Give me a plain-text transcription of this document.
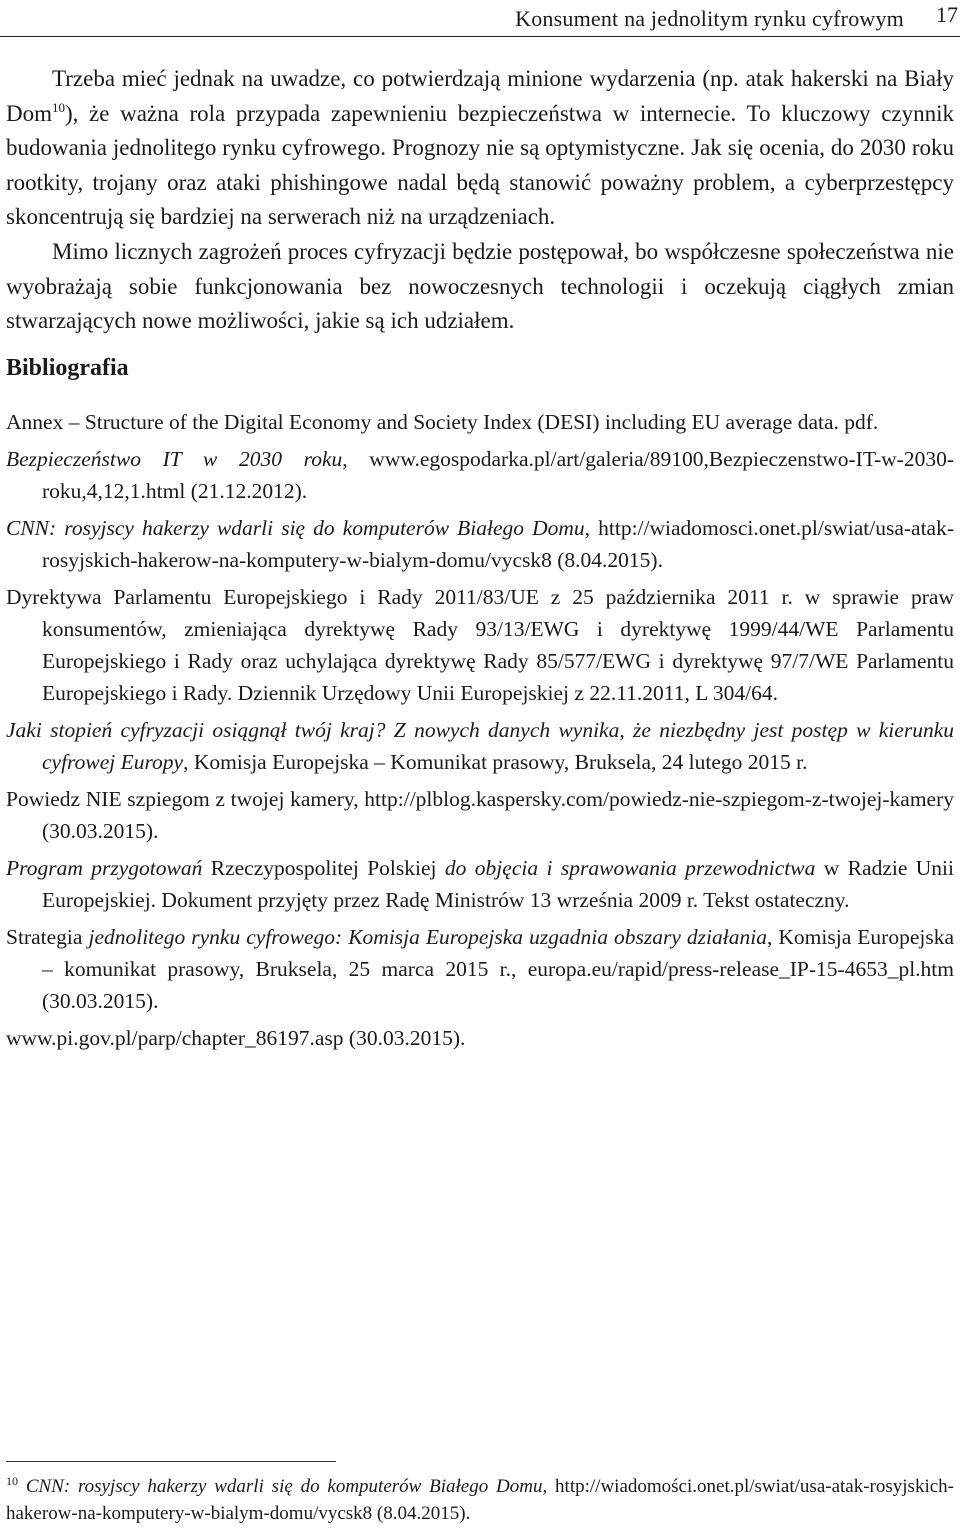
Konsument na jednolitym rynku cyfrowym 17

Trzeba mieć jednak na uwadze, co potwierdzają minione wydarzenia (np. atak hakerski na Biały Dom$^{10}$), że ważna rola przypada zapewnieniu bezpieczeństwa w internecie. To kluczowy czynnik budowania jednolitego rynku cyfrowego. Prognozy nie są optymistyczne. Jak się ocenia, do 2030 roku rootkity, trojany oraz ataki phishingowe nadal będą stanowić poważny problem, a cyberprzestępcy skoncentrują się bardziej na serwerach niż na urządzeniach.

Mimo licznych zagrożeń proces cyfryzacji będzie postępował, bo współczesne społeczeństwa nie wyobrażają sobie funkcjonowania bez nowoczesnych technologii i oczekują ciągłych zmian stwarzających nowe możliwości, jakie są ich udziałem.

Bibliografia

Annex – Structure of the Digital Economy and Society Index (DESI) including EU average data. pdf.

Bezpieczeństwo IT w 2030 roku, www.egospodarka.pl/art/galeria/89100,Bezpieczenstwo-IT-w-2030-roku,4,12,1.html (21.12.2012).

CNN: rosyjscy hakerzy wdarli się do komputerów Białego Domu, http://wiadomosci.onet.pl/swiat/usa-atak-rosyjskich-hakerow-na-komputery-w-bialym-domu/vycsk8 (8.04.2015).

Dyrektywa Parlamentu Europejskiego i Rady 2011/83/UE z 25 października 2011 r. w sprawie praw konsumentów, zmieniająca dyrektywę Rady 93/13/EWG i dyrektywę 1999/44/WE Parlamentu Europejskiego i Rady oraz uchylająca dyrektywę Rady 85/577/EWG i dyrektywę 97/7/WE Parlamentu Europejskiego i Rady. Dziennik Urzędowy Unii Europejskiej z 22.11.2011, L 304/64.

Jaki stopień cyfryzacji osiągnął twój kraj? Z nowych danych wynika, że niezbędny jest postęp w kierunku cyfrowej Europy, Komisja Europejska – Komunikat prasowy, Bruksela, 24 lutego 2015 r.

Powiedz NIE szpiegom z twojej kamery, http://plblog.kaspersky.com/powiedz-nie-szpiegom-z-twojej-kamery (30.03.2015).

Program przygotowań Rzeczypospolitej Polskiej do objęcia i sprawowania przewodnictwa w Radzie Unii Europejskiej. Dokument przyjęty przez Radę Ministrów 13 września 2009 r. Tekst ostateczny.

Strategia jednolitego rynku cyfrowego: Komisja Europejska uzgadnia obszary działania, Komisja Europejska – komunikat prasowy, Bruksela, 25 marca 2015 r., europa.eu/rapid/press-release_IP-15-4653_pl.htm (30.03.2015).

www.pi.gov.pl/parp/chapter_86197.asp (30.03.2015).

$^{10}$ CNN: rosyjscy hakerzy wdarli się do komputerów Białego Domu, http://wiadomości.onet.pl/swiat/usa-atak-rosyjskich-hakerow-na-komputery-w-bialym-domu/vycsk8 (8.04.2015).
